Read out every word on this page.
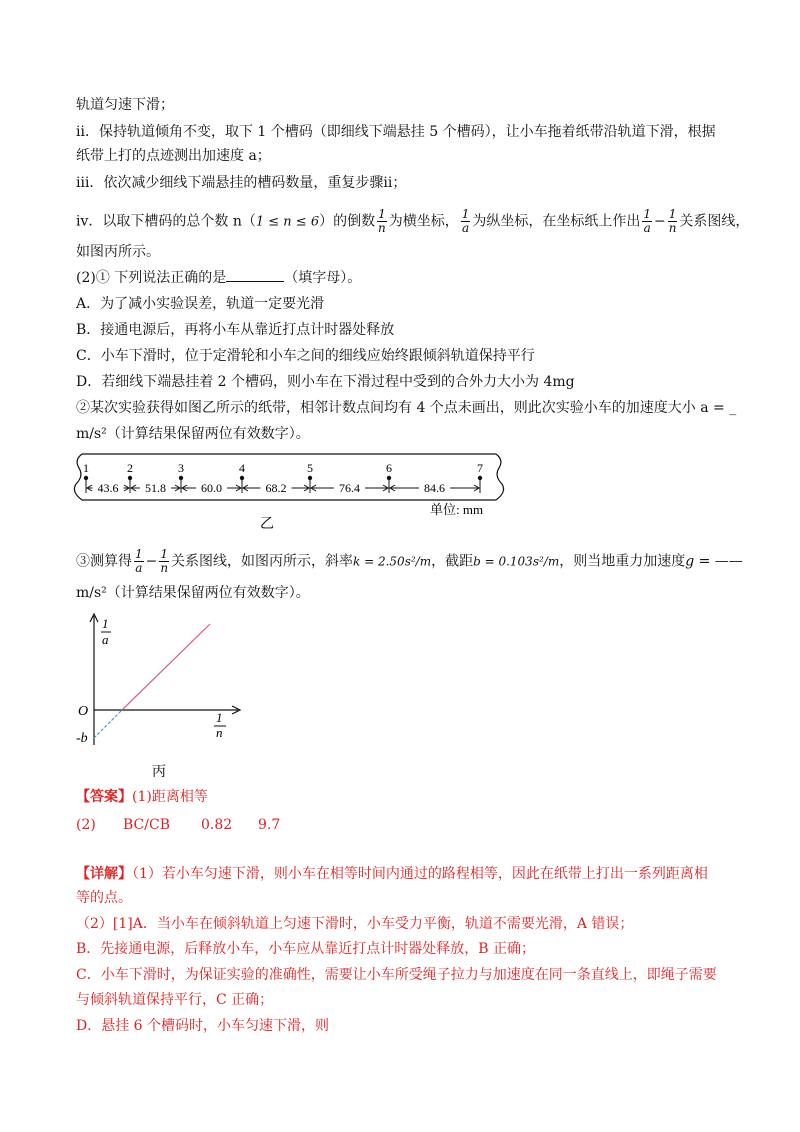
轨道匀速下滑；
ⅱ．保持轨道倾角不变，取下 1 个槽码（即细线下端悬挂 5 个槽码），让小车拖着纸带沿轨道下滑，根据
纸带上打的点迹测出加速度 a；
ⅲ．依次减少细线下端悬挂的槽码数量，重复步骤ⅱ；
ⅳ．以取下槽码的总个数 n（1 ≤ n ≤ 6）的倒数 $\frac{1}{n}$ 为横坐标， $\frac{1}{a}$ 为纵坐标，在坐标纸上作出 $\frac{1}{a} - \frac{1}{n}$ 关系图线，
如图丙所示。
(2)① 下列说法正确的是	（填字母）。
A．为了减小实验误差，轨道一定要光滑
B．接通电源后，再将小车从靠近打点计时器处释放
C．小车下滑时，位于定滑轮和小车之间的细线应始终跟倾斜轨道保持平行
D．若细线下端悬挂着 2 个槽码，则小车在下滑过程中受到的合外力大小为 4mg
②某次实验获得如图乙所示的纸带，相邻计数点间均有 4 个点未画出，则此次实验小车的加速度大小 a = _
m/s²（计算结果保留两位有效数字）。
1	2	3	4	5	6	7
43.6 51.8	60.0	68.2	76.4	84.6
单位: mm
乙
③测算得 $\frac{1}{a} - \frac{1}{n}$ 关系图线，如图丙所示，斜率k = 2.50s²/m，截距b = 0.103s²/m，则当地重力加速度g = ——
m/s²（计算结果保留两位有效数字）。
1
a
1
n
O
-b
丙
【答案】(1)距离相等
(2) BC/CB 0.82 9.7
【详解】（1）若小车匀速下滑，则小车在相等时间内通过的路程相等，因此在纸带上打出一系列距离相
等的点。
（2）[1]A．当小车在倾斜轨道上匀速下滑时，小车受力平衡，轨道不需要光滑，A 错误；
B．先接通电源，后释放小车，小车应从靠近打点计时器处释放，B 正确；
C．小车下滑时，为保证实验的准确性，需要让小车所受绳子拉力与加速度在同一条直线上，即绳子需要
与倾斜轨道保持平行，C 正确；
D．悬挂 6 个槽码时，小车匀速下滑，则
